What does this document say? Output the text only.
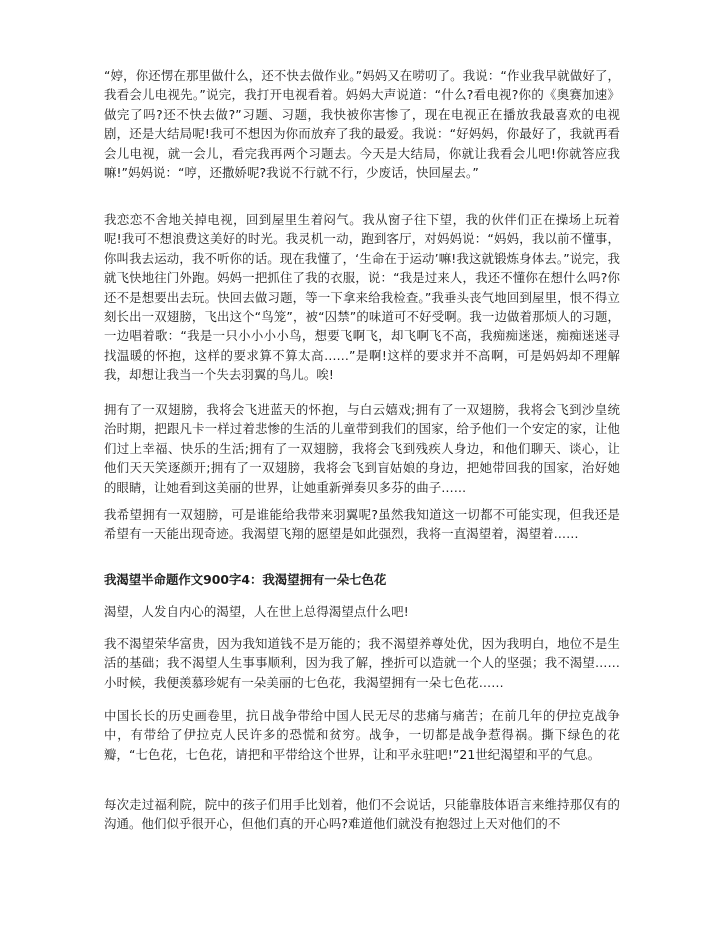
“婷，你还愣在那里做什么，还不快去做作业。”妈妈又在唠叨了。我说：“作业我早就做好了，我看会儿电视先。”说完，我打开电视看着。妈妈大声说道：“什么?看电视?你的《奥赛加速》做完了吗?还不快去做?”习题、习题，我快被你害惨了，现在电视正在播放我最喜欢的电视剧，还是大结局呢!我可不想因为你而放弃了我的最爱。我说：“好妈妈，你最好了，我就再看会儿电视，就一会儿，看完我再两个习题去。今天是大结局，你就让我看会儿吧!你就答应我嘛!”妈妈说：“哼，还撒娇呢?我说不行就不行，少废话，快回屋去。”

我恋恋不舍地关掉电视，回到屋里生着闷气。我从窗子往下望，我的伙伴们正在操场上玩着呢!我可不想浪费这美好的时光。我灵机一动，跑到客厅，对妈妈说：“妈妈，我以前不懂事，你叫我去运动，我不听你的话。现在我懂了，‘生命在于运动’嘛!我这就锻炼身体去。”说完，我就飞快地往门外跑。妈妈一把抓住了我的衣服，说：“我是过来人，我还不懂你在想什么吗?你还不是想要出去玩。快回去做习题，等一下拿来给我检查。”我垂头丧气地回到屋里，恨不得立刻长出一双翅膀，飞出这个“鸟笼”，被“囚禁”的味道可不好受啊。我一边做着那烦人的习题，一边唱着歌：“我是一只小小小小鸟，想要飞啊飞，却飞啊飞不高，我痴痴迷迷，痴痴迷迷寻找温暖的怀抱，这样的要求算不算太高……”是啊!这样的要求并不高啊，可是妈妈却不理解我，却想让我当一个失去羽翼的鸟儿。唉!

拥有了一双翅膀，我将会飞进蓝天的怀抱，与白云嬉戏;拥有了一双翅膀，我将会飞到沙皇统治时期，把跟凡卡一样过着悲惨的生活的儿童带到我们的国家，给予他们一个安定的家，让他们过上幸福、快乐的生活;拥有了一双翅膀，我将会飞到残疾人身边，和他们聊天、谈心，让他们天天笑逐颜开;拥有了一双翅膀，我将会飞到盲姑娘的身边，把她带回我的国家，治好她的眼睛，让她看到这美丽的世界，让她重新弹奏贝多芬的曲子……

我希望拥有一双翅膀，可是谁能给我带来羽翼呢?虽然我知道这一切都不可能实现，但我还是希望有一天能出现奇迹。我渴望飞翔的愿望是如此强烈，我将一直渴望着，渴望着……

我渴望半命题作文900字4：我渴望拥有一朵七色花

渴望，人发自内心的渴望，人在世上总得渴望点什么吧!

我不渴望荣华富贵，因为我知道钱不是万能的；我不渴望养尊处优，因为我明白，地位不是生活的基础；我不渴望人生事事顺利，因为我了解，挫折可以造就一个人的坚强；我不渴望……小时候，我便羡慕珍妮有一朵美丽的七色花，我渴望拥有一朵七色花……

中国长长的历史画卷里，抗日战争带给中国人民无尽的悲痛与痛苦；在前几年的伊拉克战争中，有带给了伊拉克人民许多的恐慌和贫穷。战争，一切都是战争惹得祸。撕下绿色的花瓣，“七色花，七色花，请把和平带给这个世界，让和平永驻吧!”21世纪渴望和平的气息。

每次走过福利院，院中的孩子们用手比划着，他们不会说话，只能靠肢体语言来维持那仅有的沟通。他们似乎很开心，但他们真的开心吗?难道他们就没有抱怨过上天对他们的不
